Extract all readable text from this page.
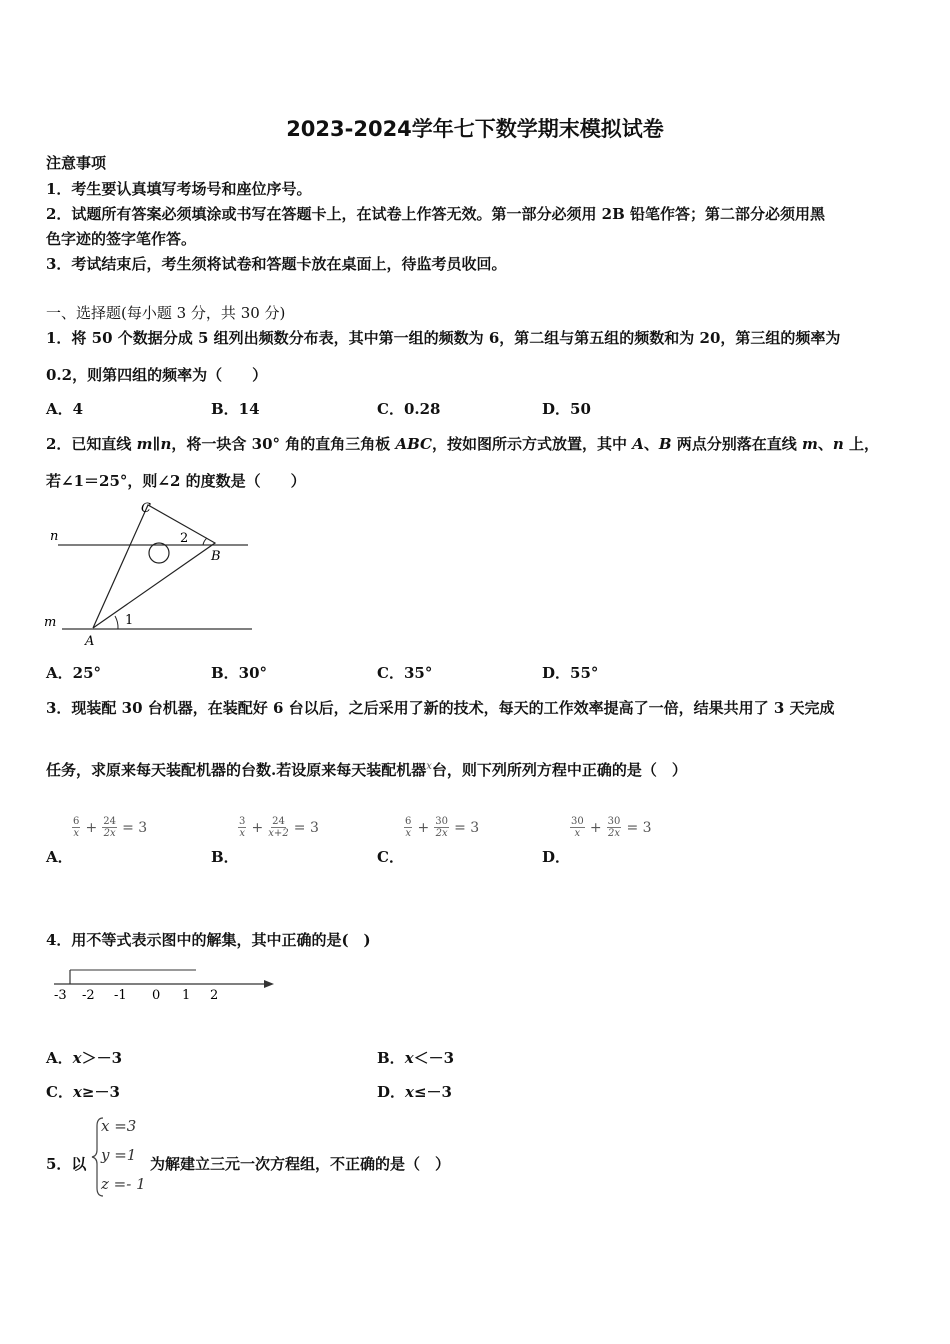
2023-2024学年七下数学期末模拟试卷
注意事项
1．考生要认真填写考场号和座位序号。
2．试题所有答案必须填涂或书写在答题卡上，在试卷上作答无效。第一部分必须用 2B 铅笔作答；第二部分必须用黑
色字迹的签字笔作答。
3．考试结束后，考生须将试卷和答题卡放在桌面上，待监考员收回。
一、选择题(每小题 3 分，共 30 分)
1．将 50 个数据分成 5 组列出频数分布表，其中第一组的频数为 6，第二组与第五组的频数和为 20，第三组的频率为
0.2，则第四组的频率为（　　）
A．4	B．14	C．0.28	D．50
2．已知直线 m∥n，将一块含 30° 角的直角三角板 ABC，按如图所示方式放置，其中 A、B 两点分别落在直线 m、n 上，
若∠1＝25°，则∠2 的度数是（　　）
n
m
C
B
A
1
2
A．25°	B．30°	C．35°	D．55°
3．现装配 30 台机器，在装配好 6 台以后，之后采用了新的技术，每天的工作效率提高了一倍，结果共用了 3 天完成
任务，求原来每天装配机器的台数.若设原来每天装配机器$^x$台，则下列所列方程中正确的是（　）
$\frac{6}{x} + \frac{24}{2x} = 3$	$\frac{3}{x} + \frac{24}{x+2} = 3$	$\frac{6}{x} + \frac{30}{2x} = 3$	$\frac{30}{x} + \frac{30}{2x} = 3$
A．	B．	C．	D．
4．用不等式表示图中的解集，其中正确的是(　)
-3 -2 -1 0 1 2
A．x＞－3	B．x＜－3
C．x≥－3	D．x≤－3
5．以
x =3
y =1
z =- 1
为解建立三元一次方程组，不正确的是（　）
